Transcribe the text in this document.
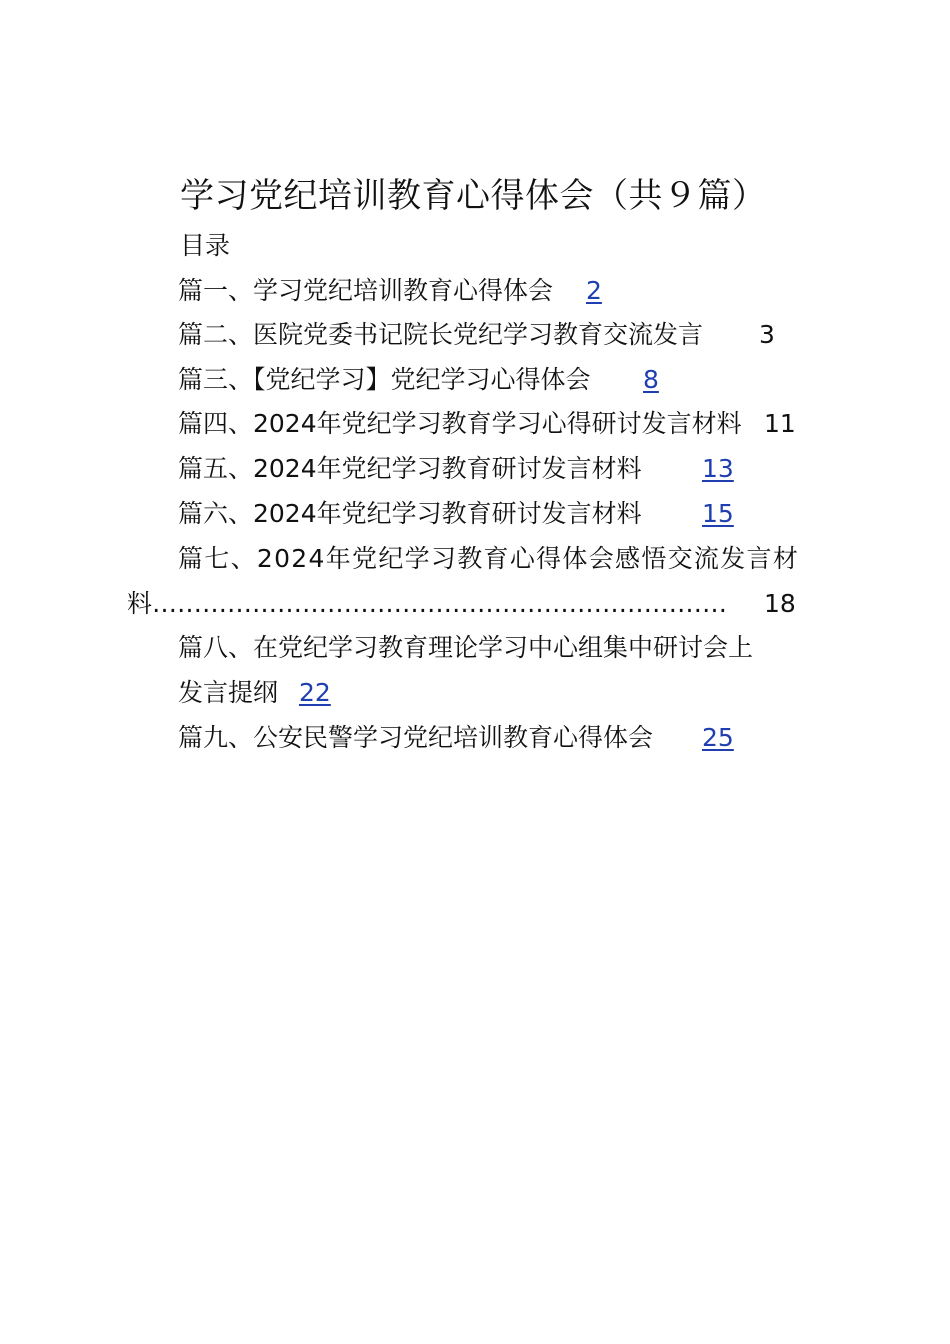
学习党纪培训教育心得体会（共９篇）
目录
篇一、学习党纪培训教育心得体会 2
篇二、医院党委书记院长党纪学习教育交流发言 3
篇三、【党纪学习】党纪学习心得体会 8
篇四、2024年党纪学习教育学习心得研讨发言材料 11
篇五、2024年党纪学习教育研讨发言材料 13
篇六、2024年党纪学习教育研讨发言材料 15
篇七、2024年党纪学习教育心得体会感悟交流发言材
料 ……………………………………………………………	18
篇八、在党纪学习教育理论学习中心组集中研讨会上
发言提纲 22
篇九、公安民警学习党纪培训教育心得体会 25
